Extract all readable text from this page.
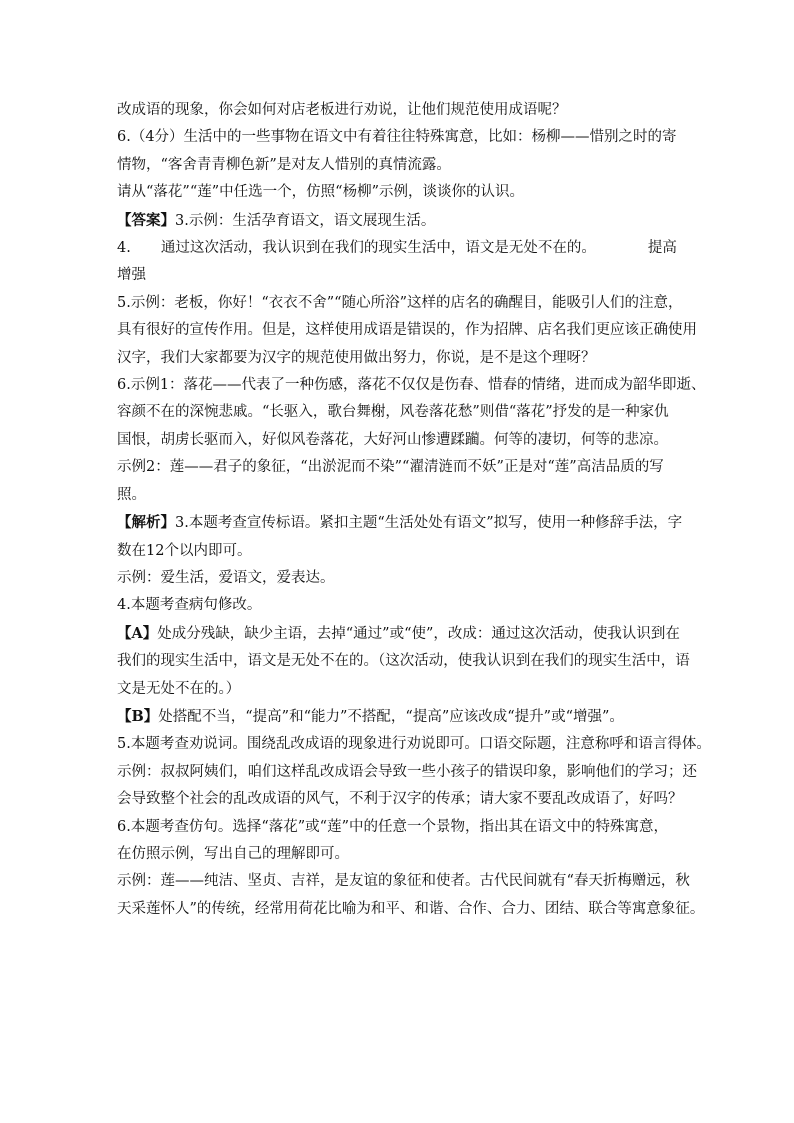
改成语的现象，你会如何对店老板进行劝说，让他们规范使用成语呢？

6.（4分）生活中的一些事物在语文中有着往往特殊寓意，比如：杨柳——惜别之时的寄

情物，“客舍青青柳色新”是对友人惜别的真情流露。

请从“落花”“莲”中任选一个，仿照“杨柳”示例，谈谈你的认识。

【答案】3.示例：生活孕育语文，语文展现生活。

4. 通过这次活动，我认识到在我们的现实生活中，语文是无处不在的。	提高

增强

5.示例：老板，你好！“衣衣不舍”“随心所浴”这样的店名的确醒目，能吸引人们的注意，

具有很好的宣传作用。但是，这样使用成语是错误的，作为招牌、店名我们更应该正确使用

汉字，我们大家都要为汉字的规范使用做出努力，你说，是不是这个理呀？

6.示例1：落花——代表了一种伤感，落花不仅仅是伤春、惜春的情绪，进而成为韶华即逝、

容颜不在的深惋悲戚。“长驱入，歌台舞榭，风卷落花愁”则借“落花”抒发的是一种家仇

国恨，胡虏长驱而入，好似风卷落花，大好河山惨遭蹂躏。何等的凄切，何等的悲凉。

示例2：莲——君子的象征，“出淤泥而不染”“濯清涟而不妖”正是对“莲”高洁品质的写

照。

【解析】3.本题考查宣传标语。紧扣主题“生活处处有语文”拟写，使用一种修辞手法，字

数在12个以内即可。

示例：爱生活，爱语文，爱表达。

4.本题考查病句修改。

【A】处成分残缺，缺少主语，去掉“通过”或“使”，改成：通过这次活动，使我认识到在

我们的现实生活中，语文是无处不在的。（这次活动，使我认识到在我们的现实生活中，语

文是无处不在的。）

【B】处搭配不当，“提高”和“能力”不搭配，“提高”应该改成“提升”或“增强”。

5.本题考查劝说词。围绕乱改成语的现象进行劝说即可。口语交际题，注意称呼和语言得体。

示例：叔叔阿姨们，咱们这样乱改成语会导致一些小孩子的错误印象，影响他们的学习；还

会导致整个社会的乱改成语的风气，不利于汉字的传承；请大家不要乱改成语了，好吗？

6.本题考查仿句。选择“落花”或“莲”中的任意一个景物，指出其在语文中的特殊寓意，

在仿照示例，写出自己的理解即可。

示例：莲——纯洁、坚贞、吉祥，是友谊的象征和使者。古代民间就有“春天折梅赠远，秋

天采莲怀人”的传统，经常用荷花比喻为和平、和谐、合作、合力、团结、联合等寓意象征。
